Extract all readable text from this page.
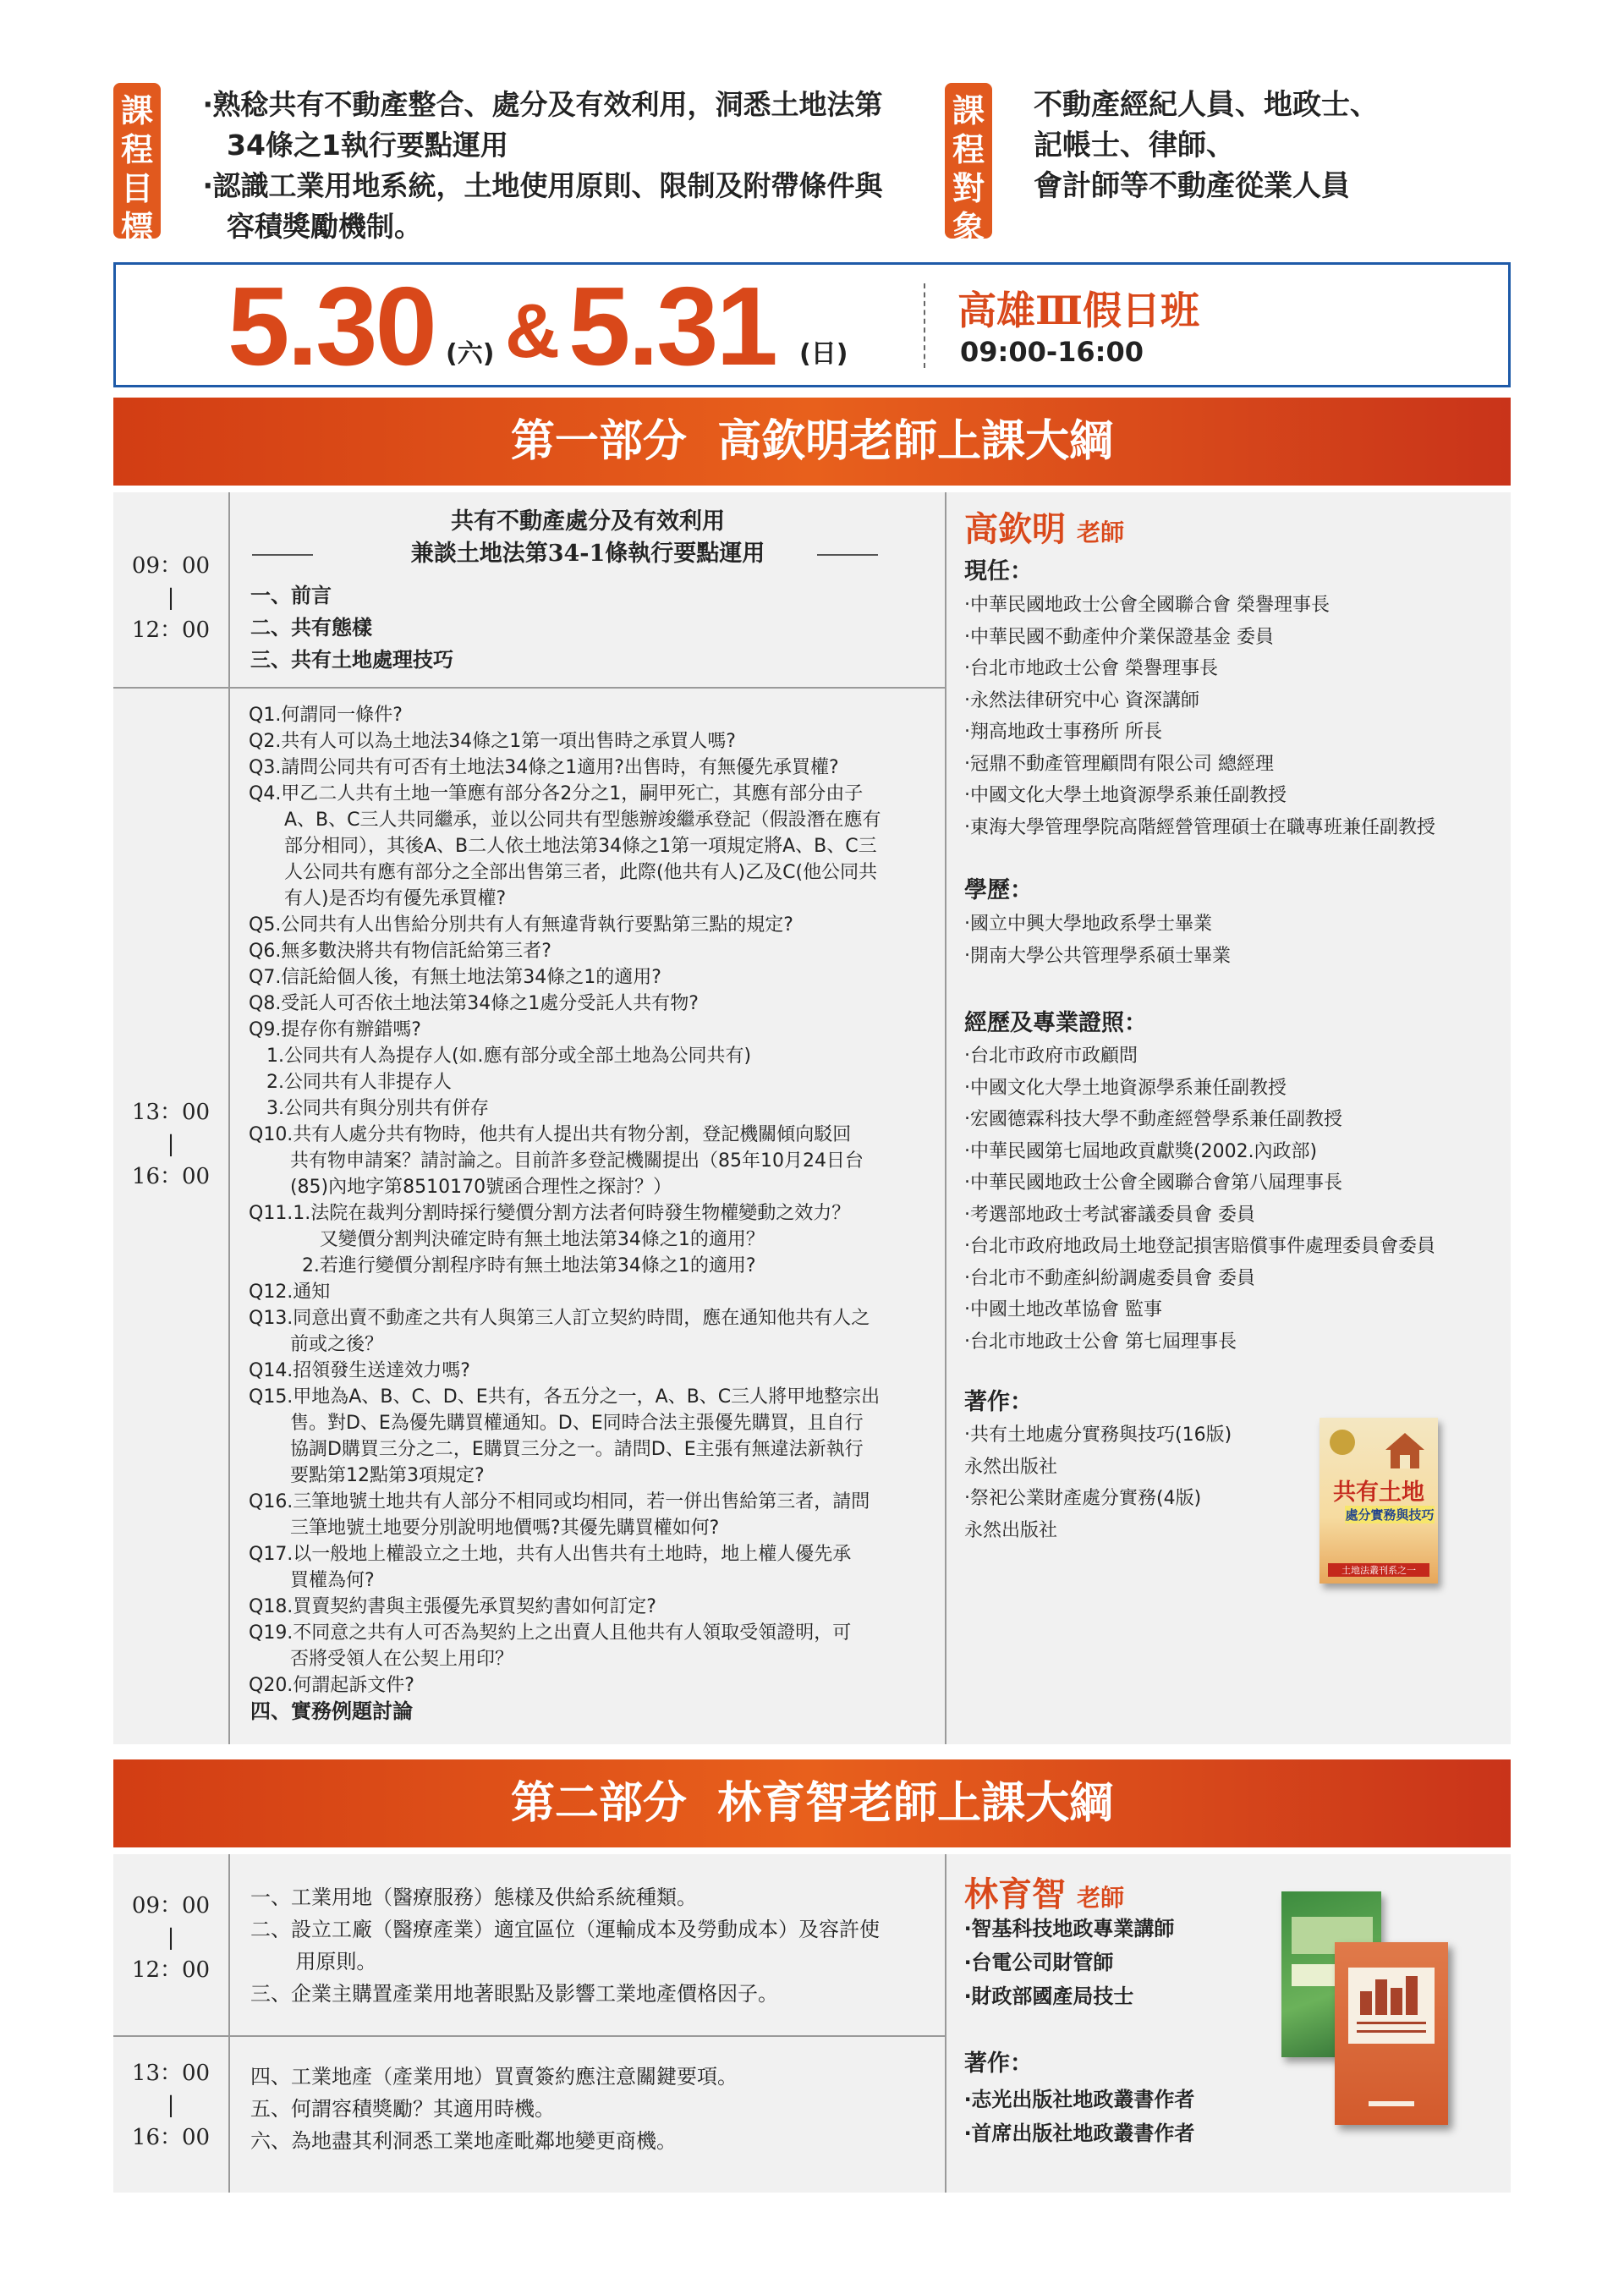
課
程
目
標
‧熟稔共有不動產整合、處分及有效利用，洞悉土地法第
34條之1執行要點運用
‧認識工業用地系統，土地使用原則、限制及附帶條件與
容積獎勵機制。
課
程
對
象
不動產經紀人員、地政士、
記帳士、律師、
會計師等不動產從業人員
5.30 (六) & 5.31 (日)
高雄Ⅲ假日班
09:00-16:00
第一部分  高欽明老師上課大綱
09：00
|
12：00
13：00
|
16：00
共有不動產處分及有效利用
兼談土地法第34-1條執行要點運用
一、前言
二、共有態樣
三、共有土地處理技巧
Q1.何謂同一條件?
Q2.共有人可以為土地法34條之1第一項出售時之承買人嗎?
Q3.請問公同共有可否有土地法34條之1適用?出售時，有無優先承買權?
Q4.甲乙二人共有土地一筆應有部分各2分之1，嗣甲死亡，其應有部分由子
A、B、C三人共同繼承，並以公同共有型態辦竣繼承登記（假設潛在應有
部分相同），其後A、B二人依土地法第34條之1第一項規定將A、B、C三
人公同共有應有部分之全部出售第三者，此際(他共有人)乙及C(他公同共
有人)是否均有優先承買權?
Q5.公同共有人出售給分別共有人有無違背執行要點第三點的規定?
Q6.無多數決將共有物信託給第三者?
Q7.信託給個人後，有無土地法第34條之1的適用?
Q8.受託人可否依土地法第34條之1處分受託人共有物?
Q9.提存你有辦錯嗎?
1.公同共有人為提存人(如.應有部分或全部土地為公同共有)
2.公同共有人非提存人
3.公同共有與分別共有併存
Q10.共有人處分共有物時，他共有人提出共有物分割，登記機關傾向駁回
共有物申請案？請討論之。目前許多登記機關提出（85年10月24日台
(85)內地字第8510170號函合理性之探討？）
Q11.1.法院在裁判分割時採行變價分割方法者何時發生物權變動之效力？
又變價分割判決確定時有無土地法第34條之1的適用？
2.若進行變價分割程序時有無土地法第34條之1的適用?
Q12.通知
Q13.同意出賣不動產之共有人與第三人訂立契約時間，應在通知他共有人之
前或之後？
Q14.招領發生送達效力嗎?
Q15.甲地為A、B、C、D、E共有，各五分之一，A、B、C三人將甲地整宗出
售。對D、E為優先購買權通知。D、E同時合法主張優先購買，且自行
協調D購買三分之二，E購買三分之一。請問D、E主張有無違法新執行
要點第12點第3項規定?
Q16.三筆地號土地共有人部分不相同或均相同，若一併出售給第三者，請問
三筆地號土地要分別說明地價嗎?其優先購買權如何?
Q17.以一般地上權設立之土地，共有人出售共有土地時，地上權人優先承
買權為何?
Q18.買賣契約書與主張優先承買契約書如何訂定?
Q19.不同意之共有人可否為契約上之出賣人且他共有人領取受領證明，可
否將受領人在公契上用印？
Q20.何謂起訴文件?
四、實務例題討論
高欽明 老師
現任：
‧中華民國地政士公會全國聯合會 榮譽理事長
‧中華民國不動產仲介業保證基金 委員
‧台北市地政士公會 榮譽理事長
‧永然法律研究中心 資深講師
‧翔高地政士事務所 所長
‧冠鼎不動產管理顧問有限公司 總經理
‧中國文化大學土地資源學系兼任副教授
‧東海大學管理學院高階經營管理碩士在職專班兼任副教授
學歷：
‧國立中興大學地政系學士畢業
‧開南大學公共管理學系碩士畢業
經歷及專業證照：
‧台北市政府市政顧問
‧中國文化大學土地資源學系兼任副教授
‧宏國德霖科技大學不動產經營學系兼任副教授
‧中華民國第七屆地政貢獻獎(2002.內政部)
‧中華民國地政士公會全國聯合會第八屆理事長
‧考選部地政士考試審議委員會 委員
‧台北市政府地政局土地登記損害賠償事件處理委員會委員
‧台北市不動產糾紛調處委員會 委員
‧中國土地改革協會 監事
‧台北市地政士公會 第七屆理事長
著作：
‧共有土地處分實務與技巧(16版)
永然出版社
‧祭祀公業財產處分實務(4版)
永然出版社
共有土地
處分實務與技巧
土地法叢刊系之一
第二部分  林育智老師上課大綱
09：00
|
12：00
13：00
|
16：00
一、工業用地（醫療服務）態樣及供給系統種類。
二、設立工廠（醫療產業）適宜區位（運輸成本及勞動成本）及容許使
用原則。
三、企業主購置產業用地著眼點及影響工業地產價格因子。
四、工業地產（產業用地）買賣簽約應注意關鍵要項。
五、何謂容積獎勵？其適用時機。
六、為地盡其利洞悉工業地產毗鄰地變更商機。
林育智 老師
‧智基科技地政專業講師
‧台電公司財管師
‧財政部國產局技士
著作：
‧志光出版社地政叢書作者
‧首席出版社地政叢書作者
